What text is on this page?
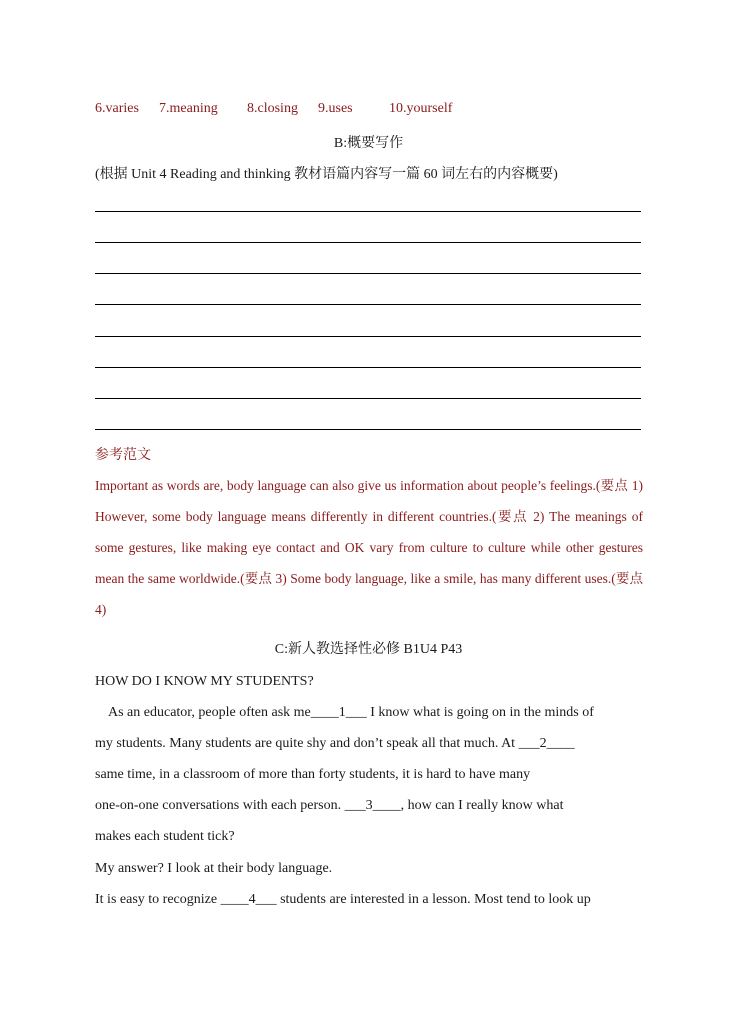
6.varies 7.meaning 8.closing 9.uses	10.yourself
B:概要写作
(根据 Unit 4 Reading and thinking 教材语篇内容写一篇 60 词左右的内容概要)
参考范文
Important as words are, body language can also give us information about people’s feelings.(要点 1) However, some body language means differently in different countries.(要点 2) The meanings of some gestures, like making eye contact and OK vary from culture to culture while other gestures mean the same worldwide.(要点 3) Some body language, like a smile, has many different uses.(要点 4)
C:新人教选择性必修 B1U4 P43
HOW DO I KNOW MY STUDENTS?
As an educator, people often ask me____1___ I know what is going on in the minds of
my students. Many students are quite shy and don’t speak all that much. At ___2____
same time, in a classroom of more than forty students, it is hard to have many
one-on-one conversations with each person. ___3____, how can I really know what
makes each student tick?
My answer? I look at their body language.
It is easy to recognize ____4___ students are interested in a lesson. Most tend to look up
